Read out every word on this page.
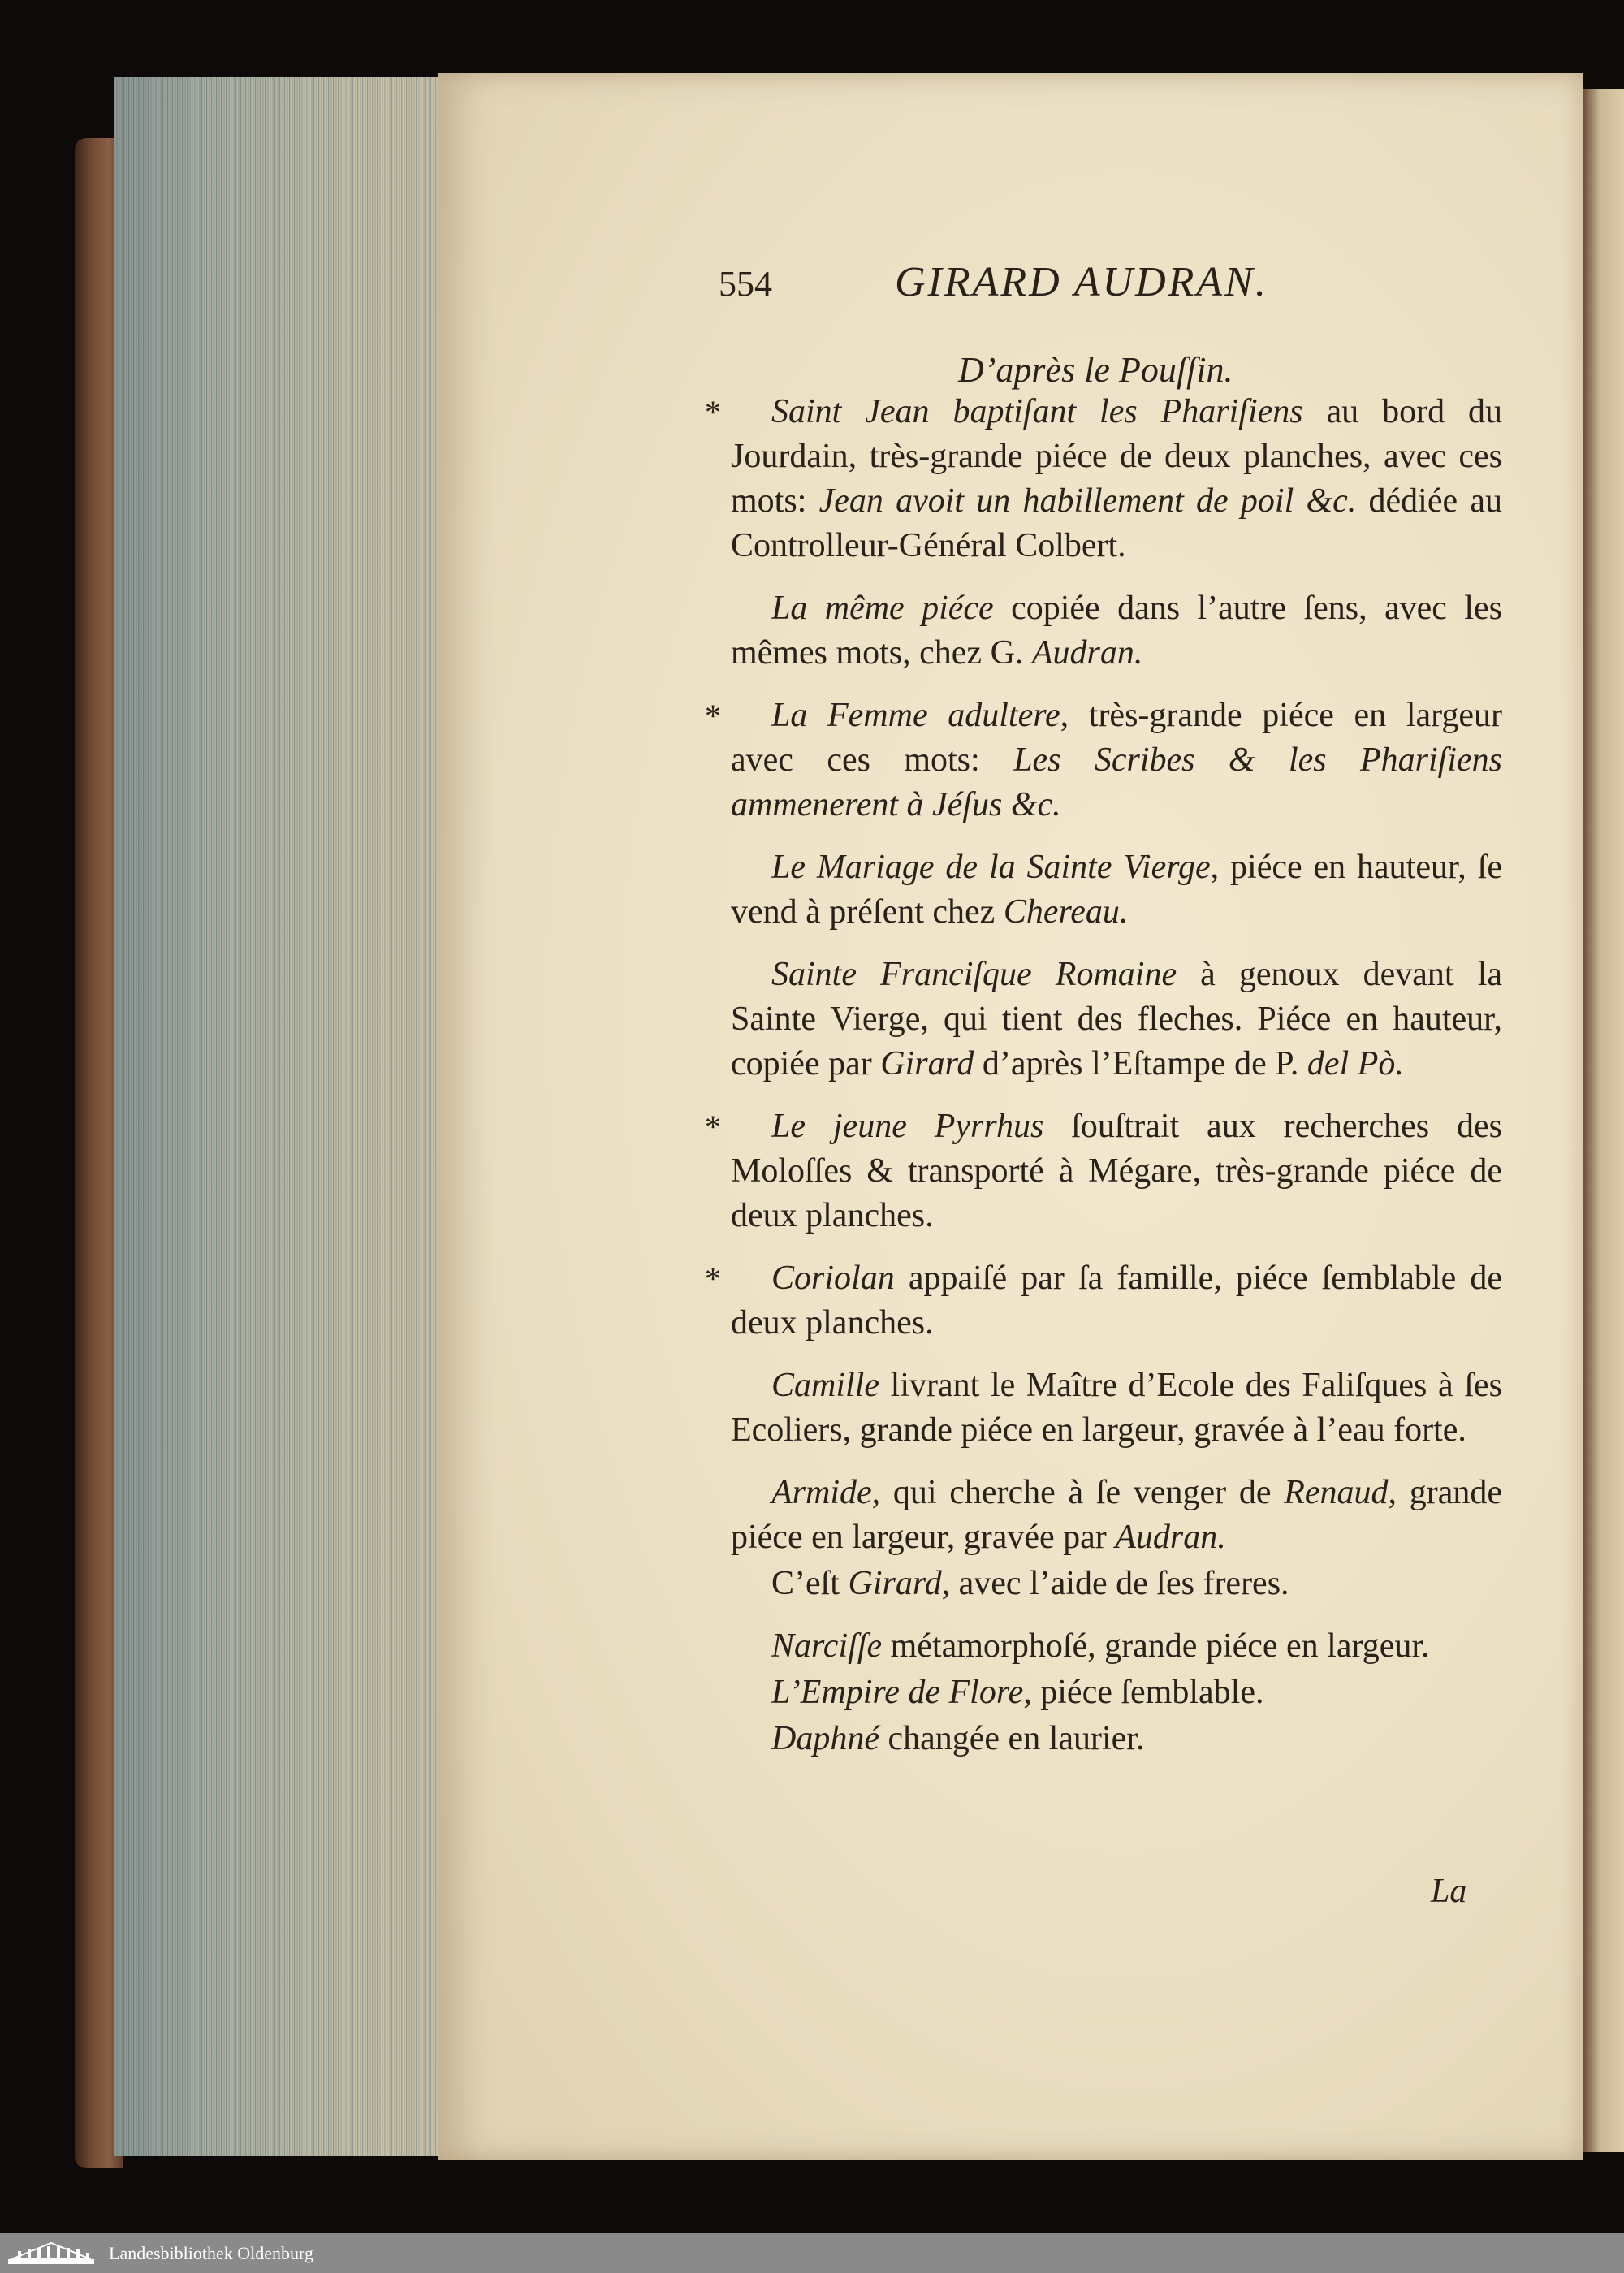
554	GIRARD AUDRAN.
D’après le Pouſſin.

*	Saint Jean baptiſant les Phariſiens au bord du Jourdain, très-grande piéce de deux planches, avec ces mots: Jean avoit un habillement de poil &c. dédiée au Controlleur-Général Colbert.

La même piéce copiée dans l’autre ſens, avec les mêmes mots, chez G. Audran.

*	La Femme adultere, très-grande piéce en largeur avec ces mots: Les Scribes & les Phariſiens ammenerent à Jéſus &c.

Le Mariage de la Sainte Vierge, piéce en hauteur, ſe vend à préſent chez Chereau.

Sainte Franciſque Romaine à genoux devant la Sainte Vierge, qui tient des fleches. Piéce en hauteur, copiée par Girard d’après l’Eſtampe de P. del Pò.

*	Le jeune Pyrrhus ſouſtrait aux recherches des Moloſſes & transporté à Mégare, très-grande piéce de deux planches.

*	Coriolan appaiſé par ſa famille, piéce ſemblable de deux planches.

Camille livrant le Maître d’Ecole des Faliſques à ſes Ecoliers, grande piéce en largeur, gravée à l’eau forte.

Armide, qui cherche à ſe venger de Renaud, grande piéce en largeur, gravée par Audran.

C’eſt Girard, avec l’aide de ſes freres.

Narciſſe métamorphoſé, grande piéce en largeur.

L’Empire de Flore, piéce ſemblable.

Daphné changée en laurier.

La
Landesbibliothek Oldenburg
